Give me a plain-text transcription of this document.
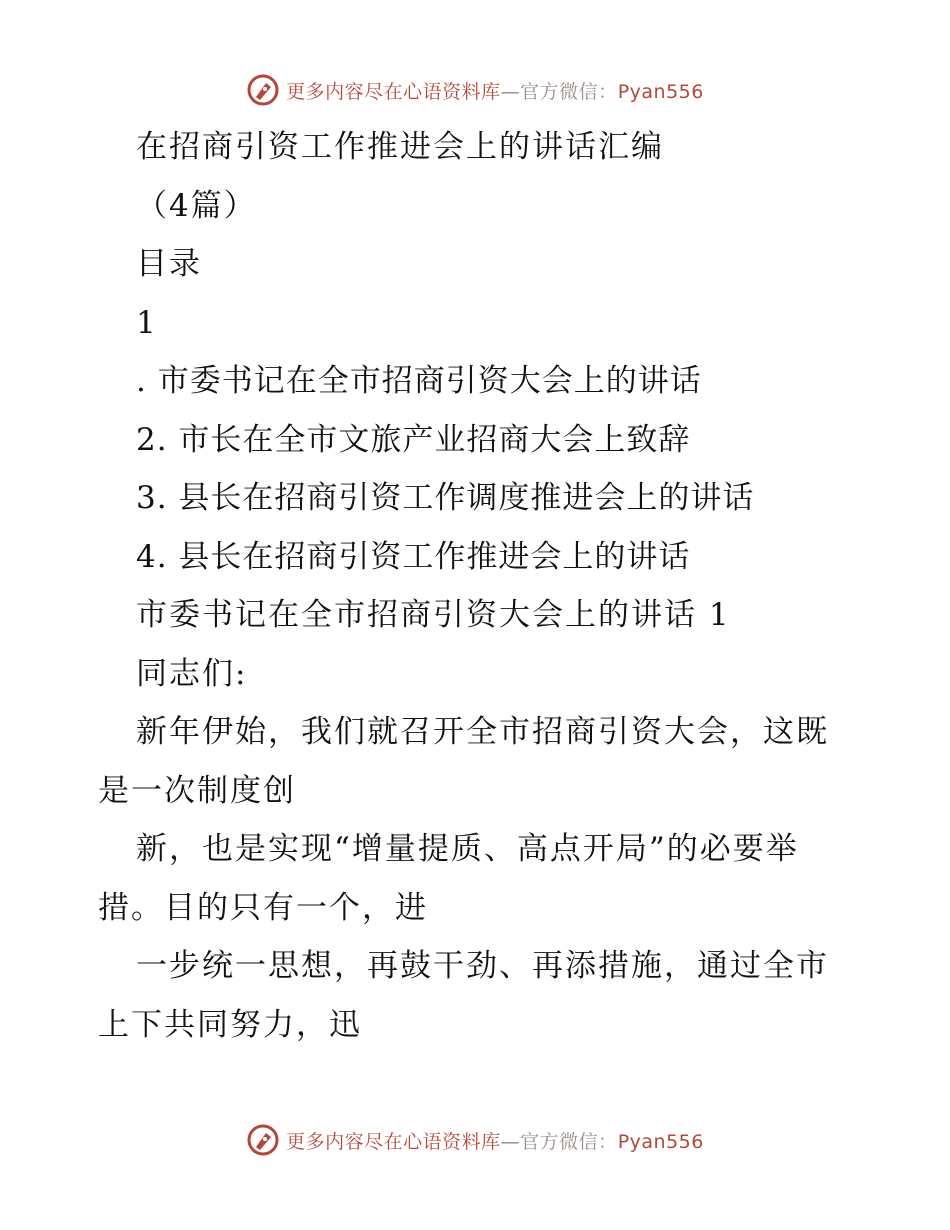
更多内容尽在心语资料库—官方微信：Pyan556
在招商引资工作推进会上的讲话汇编
（4篇）
目录
1
. 市委书记在全市招商引资大会上的讲话
2. 市长在全市文旅产业招商大会上致辞
3. 县长在招商引资工作调度推进会上的讲话
4. 县长在招商引资工作推进会上的讲话
市委书记在全市招商引资大会上的讲话 1
同志们:
新年伊始，我们就召开全市招商引资大会，这既
是一次制度创
新，也是实现“增量提质、高点开局”的必要举
措。目的只有一个，进
一步统一思想，再鼓干劲、再添措施，通过全市
上下共同努力，迅
更多内容尽在心语资料库—官方微信：Pyan556
